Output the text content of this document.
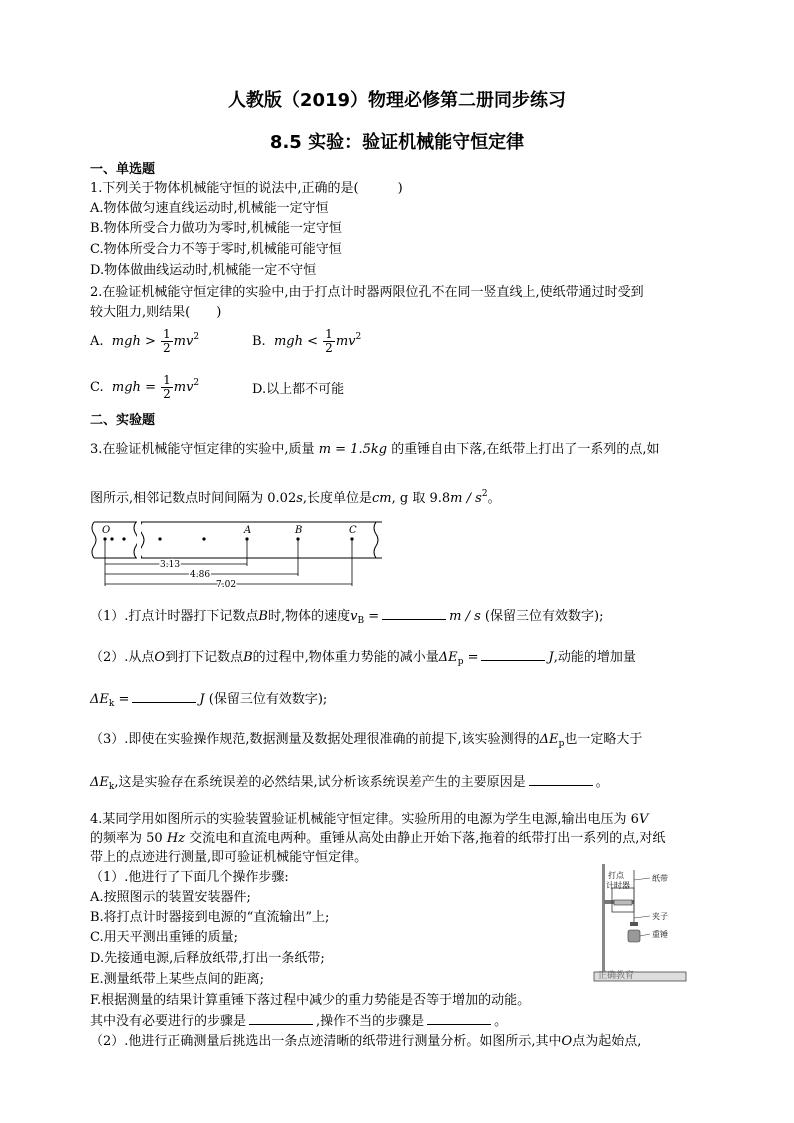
人教版（2019）物理必修第二册同步练习
8.5 实验：验证机械能守恒定律
一、单选题
1.下列关于物体机械能守恒的说法中,正确的是(　　　)
A.物体做匀速直线运动时,机械能一定守恒
B.物体所受合力做功为零时,机械能一定守恒
C.物体所受合力不等于零时,机械能可能守恒
D.物体做曲线运动时,机械能一定不守恒
2.在验证机械能守恒定律的实验中,由于打点计时器两限位孔不在同一竖直线上,使纸带通过时受到
较大阻力,则结果(　　)
A. mgh > $\frac{1}{2} mv^2$	B. mgh < $\frac{1}{2} mv^2$
C. mgh = $\frac{1}{2} mv^2$	D.以上都不可能
二、实验题
3.在验证机械能守恒定律的实验中,质量 m = 1.5kg 的重锤自由下落,在纸带上打出了一系列的点,如
图所示,相邻记数点时间间隔为 0.02s,长度单位是cm, g 取 $9.8m / s^2$。
O	A	B	C
3.13
4.86
7.02
（1）.打点计时器打下记数点B时,物体的速度$v_B$ =	m / s (保留三位有效数字);
（2）.从点O到打下记数点B的过程中,物体重力势能的减小量$\Delta E_p$ =	J,动能的增加量
$\Delta E_k$ =	J (保留三位有效数字);
（3）.即使在实验操作规范,数据测量及数据处理很准确的前提下,该实验测得的$\Delta E_p$也一定略大于
$\Delta E_k$,这是实验存在系统误差的必然结果,试分析该系统误差产生的主要原因是	。
4.某同学用如图所示的实验装置验证机械能守恒定律。实验所用的电源为学生电源,输出电压为 6V
的频率为 50 Hz 交流电和直流电两种。重锤从高处由静止开始下落,拖着的纸带打出一系列的点,对纸
带上的点迹进行测量,即可验证机械能守恒定律。
（1）.他进行了下面几个操作步骤:
A.按照图示的装置安装器件;
B.将打点计时器接到电源的“直流输出”上;
C.用天平测出重锤的质量;
D.先接通电源,后释放纸带,打出一条纸带;
E.测量纸带上某些点间的距离;
F.根据测量的结果计算重锤下落过程中减少的重力势能是否等于增加的动能。
其中没有必要进行的步骤是	,操作不当的步骤是	。
（2）.他进行正确测量后挑选出一条点迹清晰的纸带进行测量分析。如图所示,其中O点为起始点,
打点
计时器
纸带
夹子
重锤
正确教育
